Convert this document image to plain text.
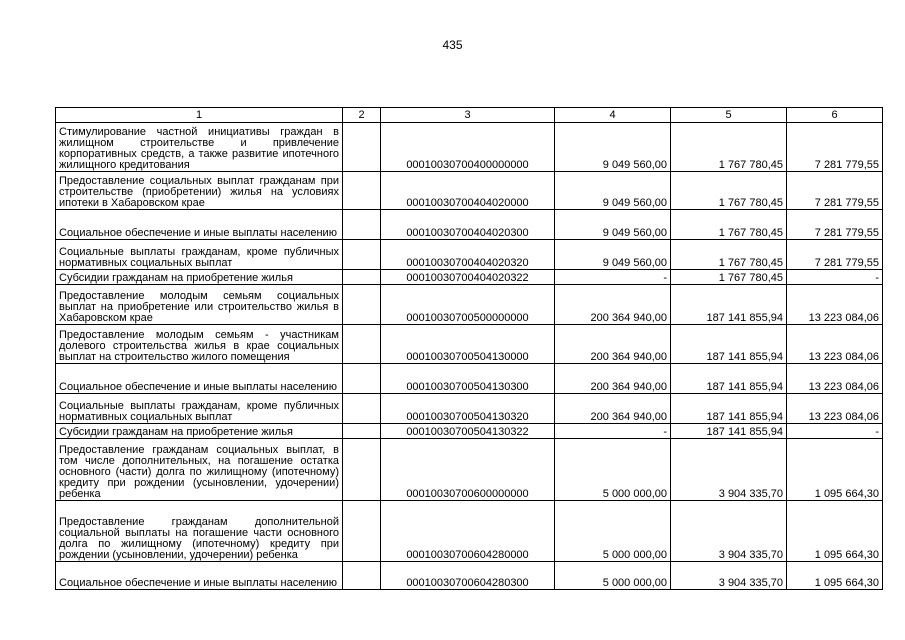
435
1	2	3	4	5	6
Стимулирование частной инициативы граждан в жилищном строительстве и привлечение корпоративных средств, а также развитие ипотечного жилищного кредитования		00010030700400000000	9 049 560,00	1 767 780,45	7 281 779,55
Предоставление социальных выплат гражданам при строительстве (приобретении) жилья на условиях ипотеки в Хабаровском крае		00010030700404020000	9 049 560,00	1 767 780,45	7 281 779,55
Социальное обеспечение и иные выплаты населению		00010030700404020300	9 049 560,00	1 767 780,45	7 281 779,55
Социальные выплаты гражданам, кроме публичных нормативных социальных выплат		00010030700404020320	9 049 560,00	1 767 780,45	7 281 779,55
Субсидии гражданам на приобретение жилья		00010030700404020322	-	1 767 780,45	-
Предоставление молодым семьям социальных выплат на приобретение или строительство жилья в Хабаровском крае		00010030700500000000	200 364 940,00	187 141 855,94	13 223 084,06
Предоставление молодым семьям - участникам долевого строительства жилья в крае социальных выплат на строительство жилого помещения		00010030700504130000	200 364 940,00	187 141 855,94	13 223 084,06
Социальное обеспечение и иные выплаты населению		00010030700504130300	200 364 940,00	187 141 855,94	13 223 084,06
Социальные выплаты гражданам, кроме публичных нормативных социальных выплат		00010030700504130320	200 364 940,00	187 141 855,94	13 223 084,06
Субсидии гражданам на приобретение жилья		00010030700504130322	-	187 141 855,94	-
Предоставление гражданам социальных выплат, в том числе дополнительных, на погашение остатка основного (части) долга по жилищному (ипотечному) кредиту при рождении (усыновлении, удочерении) ребенка		00010030700600000000	5 000 000,00	3 904 335,70	1 095 664,30
Предоставление гражданам дополнительной социальной выплаты на погашение части основного долга по жилищному (ипотечному) кредиту при рождении (усыновлении, удочерении) ребенка		00010030700604280000	5 000 000,00	3 904 335,70	1 095 664,30
Социальное обеспечение и иные выплаты населению		00010030700604280300	5 000 000,00	3 904 335,70	1 095 664,30
